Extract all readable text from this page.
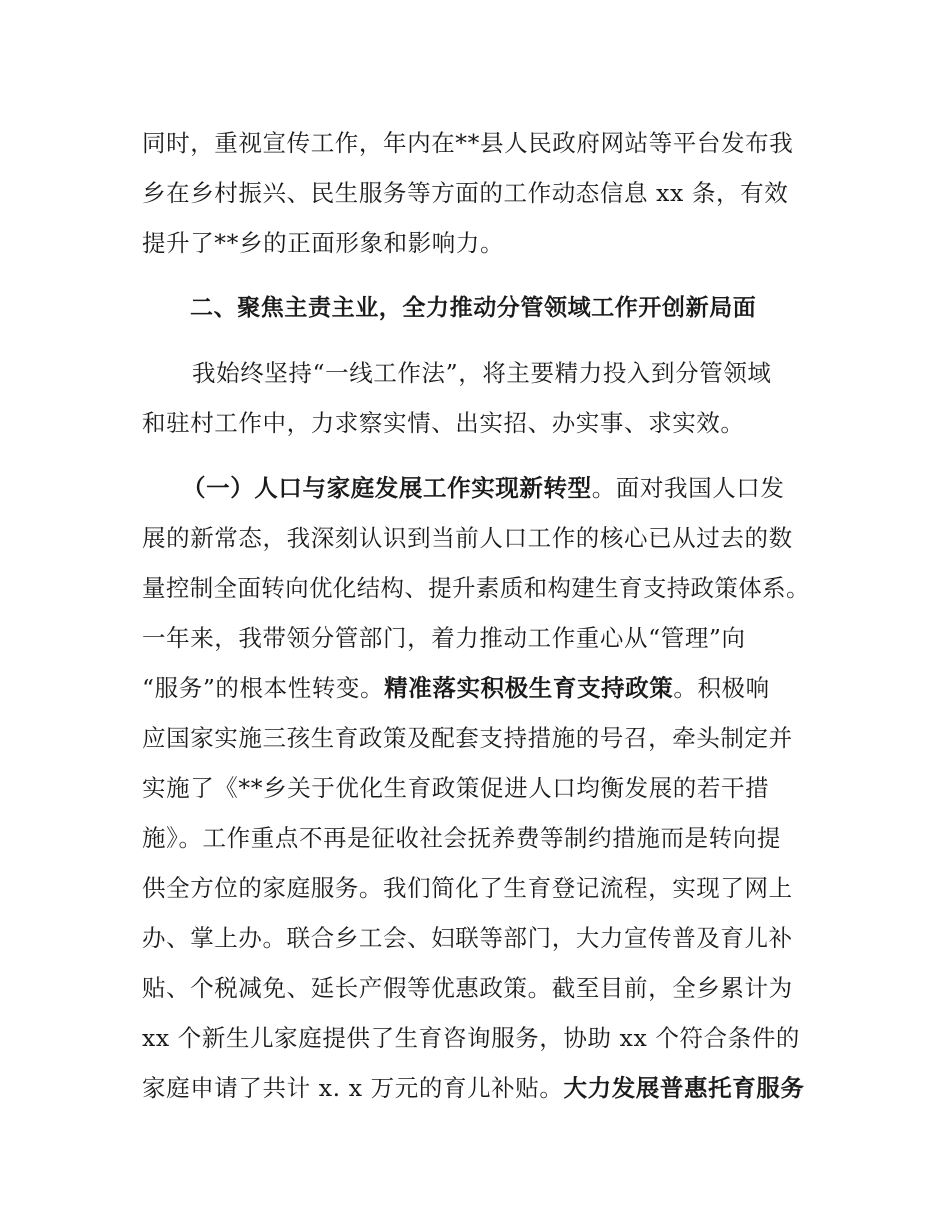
同时，重视宣传工作，年内在**县人民政府网站等平台发布我
乡在乡村振兴、民生服务等方面的工作动态信息 xx 条，有效
提升了**乡的正面形象和影响力。
二、聚焦主责主业，全力推动分管领域工作开创新局面
我始终坚持“一线工作法”，将主要精力投入到分管领域
和驻村工作中，力求察实情、出实招、办实事、求实效。
（一）人口与家庭发展工作实现新转型。面对我国人口发
展的新常态，我深刻认识到当前人口工作的核心已从过去的数
量控制全面转向优化结构、提升素质和构建生育支持政策体系。
一年来，我带领分管部门，着力推动工作重心从“管理”向
“服务”的根本性转变。精准落实积极生育支持政策。积极响
应国家实施三孩生育政策及配套支持措施的号召，牵头制定并
实施了《**乡关于优化生育政策促进人口均衡发展的若干措
施》。工作重点不再是征收社会抚养费等制约措施而是转向提
供全方位的家庭服务。我们简化了生育登记流程，实现了网上
办、掌上办。联合乡工会、妇联等部门，大力宣传普及育儿补
贴、个税减免、延长产假等优惠政策。截至目前，全乡累计为
xx 个新生儿家庭提供了生育咨询服务，协助 xx 个符合条件的
家庭申请了共计 x. x 万元的育儿补贴。大力发展普惠托育服务
